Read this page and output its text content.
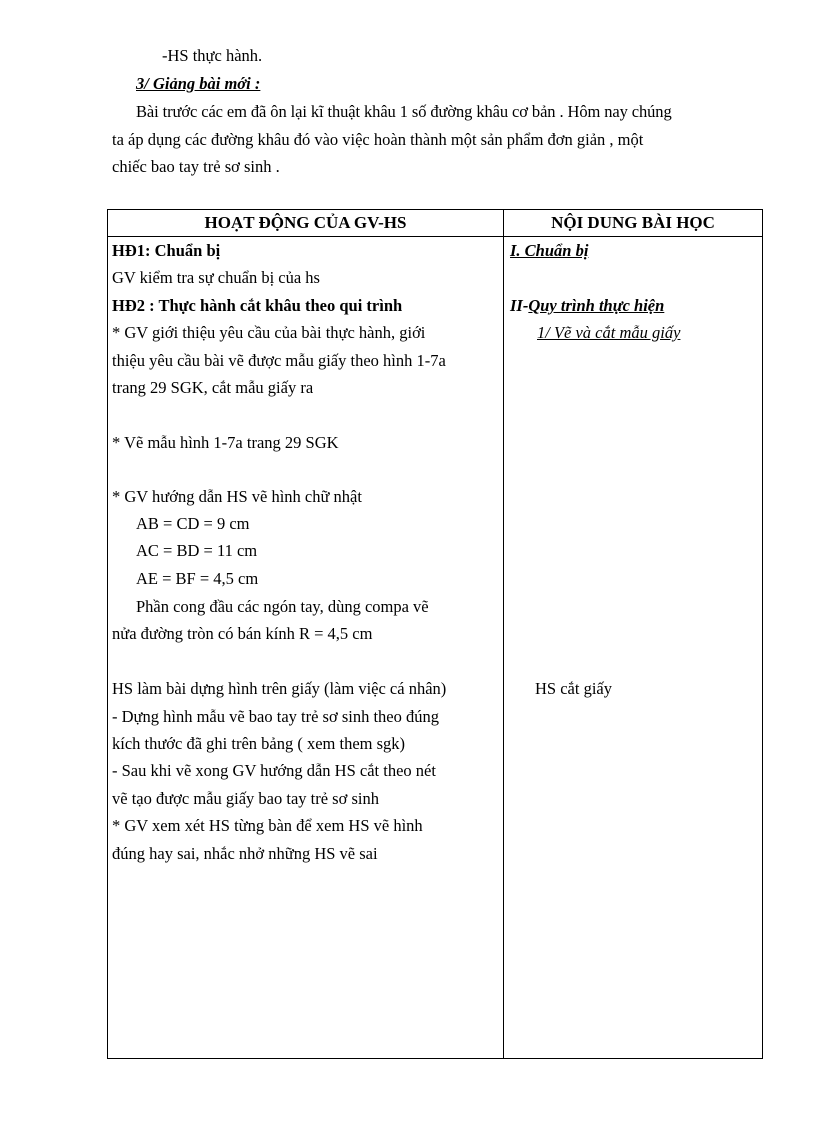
-HS thực hành.
3/ Giảng bài mới :
Bài trước các em đã ôn lại kĩ thuật khâu 1 số đường khâu cơ bản . Hôm nay chúng
ta áp dụng các đường khâu đó vào việc hoàn thành một sản phẩm đơn giản , một
chiếc bao tay trẻ sơ sinh .
HOẠT ĐỘNG CỦA GV-HS	NỘI DUNG BÀI HỌC
HĐ1: Chuẩn bị
GV kiểm tra sự chuẩn bị của hs
HĐ2 : Thực hành cắt khâu theo qui trình
* GV giới thiệu yêu cầu của bài thực hành, giới
thiệu yêu cầu bài vẽ được mẫu giấy theo hình 1-7a
trang 29 SGK, cắt mẫu giấy ra
* Vẽ mẫu hình 1-7a trang 29 SGK
* GV hướng dẫn HS vẽ hình chữ nhật
AB = CD = 9 cm
AC = BD = 11 cm
AE = BF = 4,5 cm
Phần cong đầu các ngón tay, dùng compa vẽ
nửa đường tròn có bán kính R = 4,5 cm
HS làm bài dựng hình trên giấy (làm việc cá nhân)
- Dựng hình mẫu vẽ bao tay trẻ sơ sinh theo đúng
kích thước đã ghi trên bảng ( xem them sgk)
- Sau khi vẽ xong GV hướng dẫn HS cắt theo nét
vẽ tạo được mẫu giấy bao tay trẻ sơ sinh
* GV xem xét HS từng bàn để xem HS vẽ hình
đúng hay sai, nhắc nhở những HS vẽ sai
I. Chuẩn bị
II-Quy trình thực hiện
1/ Vẽ và cắt mẫu giấy
HS cắt giấy
